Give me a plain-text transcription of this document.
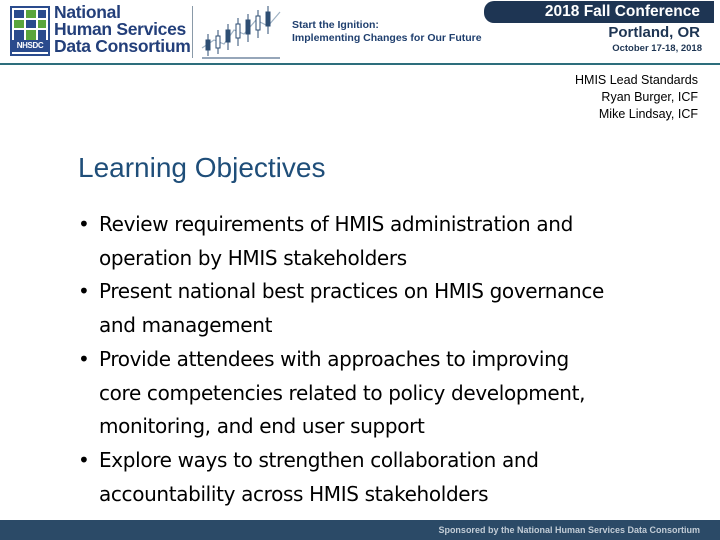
NHSDC
National
Human Services
Data Consortium
Start the Ignition:
Implementing Changes for Our Future
2018 Fall Conference
Portland, OR
October 17-18, 2018
HMIS Lead Standards
Ryan Burger, ICF
Mike Lindsay, ICF
Learning Objectives
• Review requirements of HMIS administration and
operation by HMIS stakeholders
• Present national best practices on HMIS governance
and management
• Provide attendees with approaches to improving
core competencies related to policy development,
monitoring, and end user support
• Explore ways to strengthen collaboration and
accountability across HMIS stakeholders
Sponsored by the National Human Services Data Consortium
